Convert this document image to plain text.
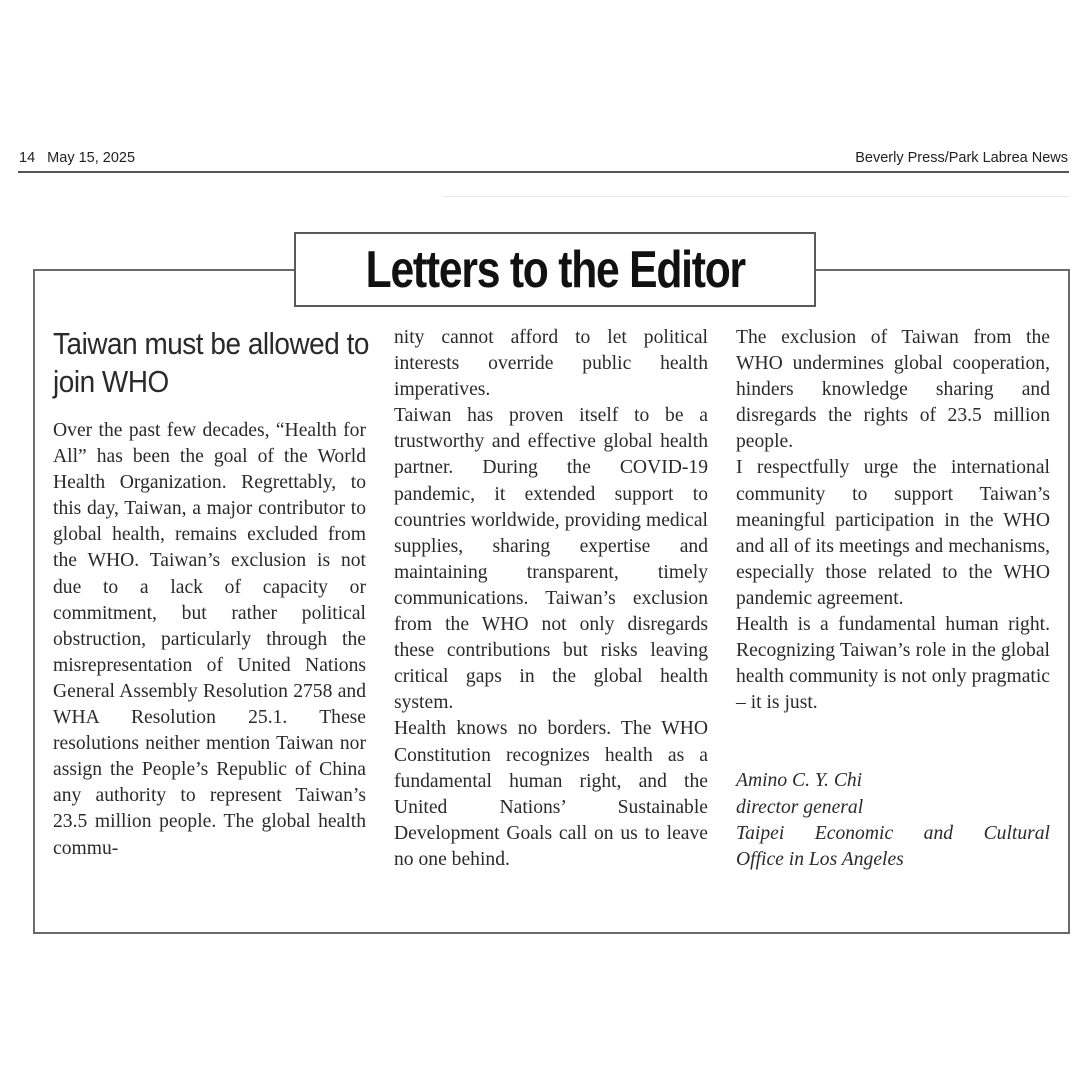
14 May 15, 2025	Beverly Press/Park Labrea News
Letters to the Editor

Taiwan must be allowed to join WHO

Over the past few decades, “Health for All” has been the goal of the World Health Organization. Regrettably, to this day, Taiwan, a major contributor to global health, remains excluded from the WHO. Taiwan’s exclusion is not due to a lack of capacity or commitment, but rather political obstruction, particularly through the misrepresentation of United Nations General Assembly Resolution 2758 and WHA Resolution 25.1. These resolutions neither mention Taiwan nor assign the People’s Republic of China any authority to represent Taiwan’s 23.5 million people. The global health commu-

nity cannot afford to let political interests override public health imperatives.

Taiwan has proven itself to be a trustworthy and effective global health partner. During the COVID-19 pandemic, it extended support to countries worldwide, providing medical supplies, sharing expertise and maintaining transparent, timely communications. Taiwan’s exclusion from the WHO not only disregards these contributions but risks leaving critical gaps in the global health system.

Health knows no borders. The WHO Constitution recognizes health as a fundamental human right, and the United Nations’ Sustainable Development Goals call on us to leave no one behind.

The exclusion of Taiwan from the WHO undermines global cooperation, hinders knowledge sharing and disregards the rights of 23.5 million people.

I respectfully urge the international community to support Taiwan’s meaningful participation in the WHO and all of its meetings and mechanisms, especially those related to the WHO pandemic agreement.

Health is a fundamental human right. Recognizing Taiwan’s role in the global health community is not only pragmatic – it is just.

Amino C. Y. Chi
director general
Taipei Economic and Cultural
Office in Los Angeles
